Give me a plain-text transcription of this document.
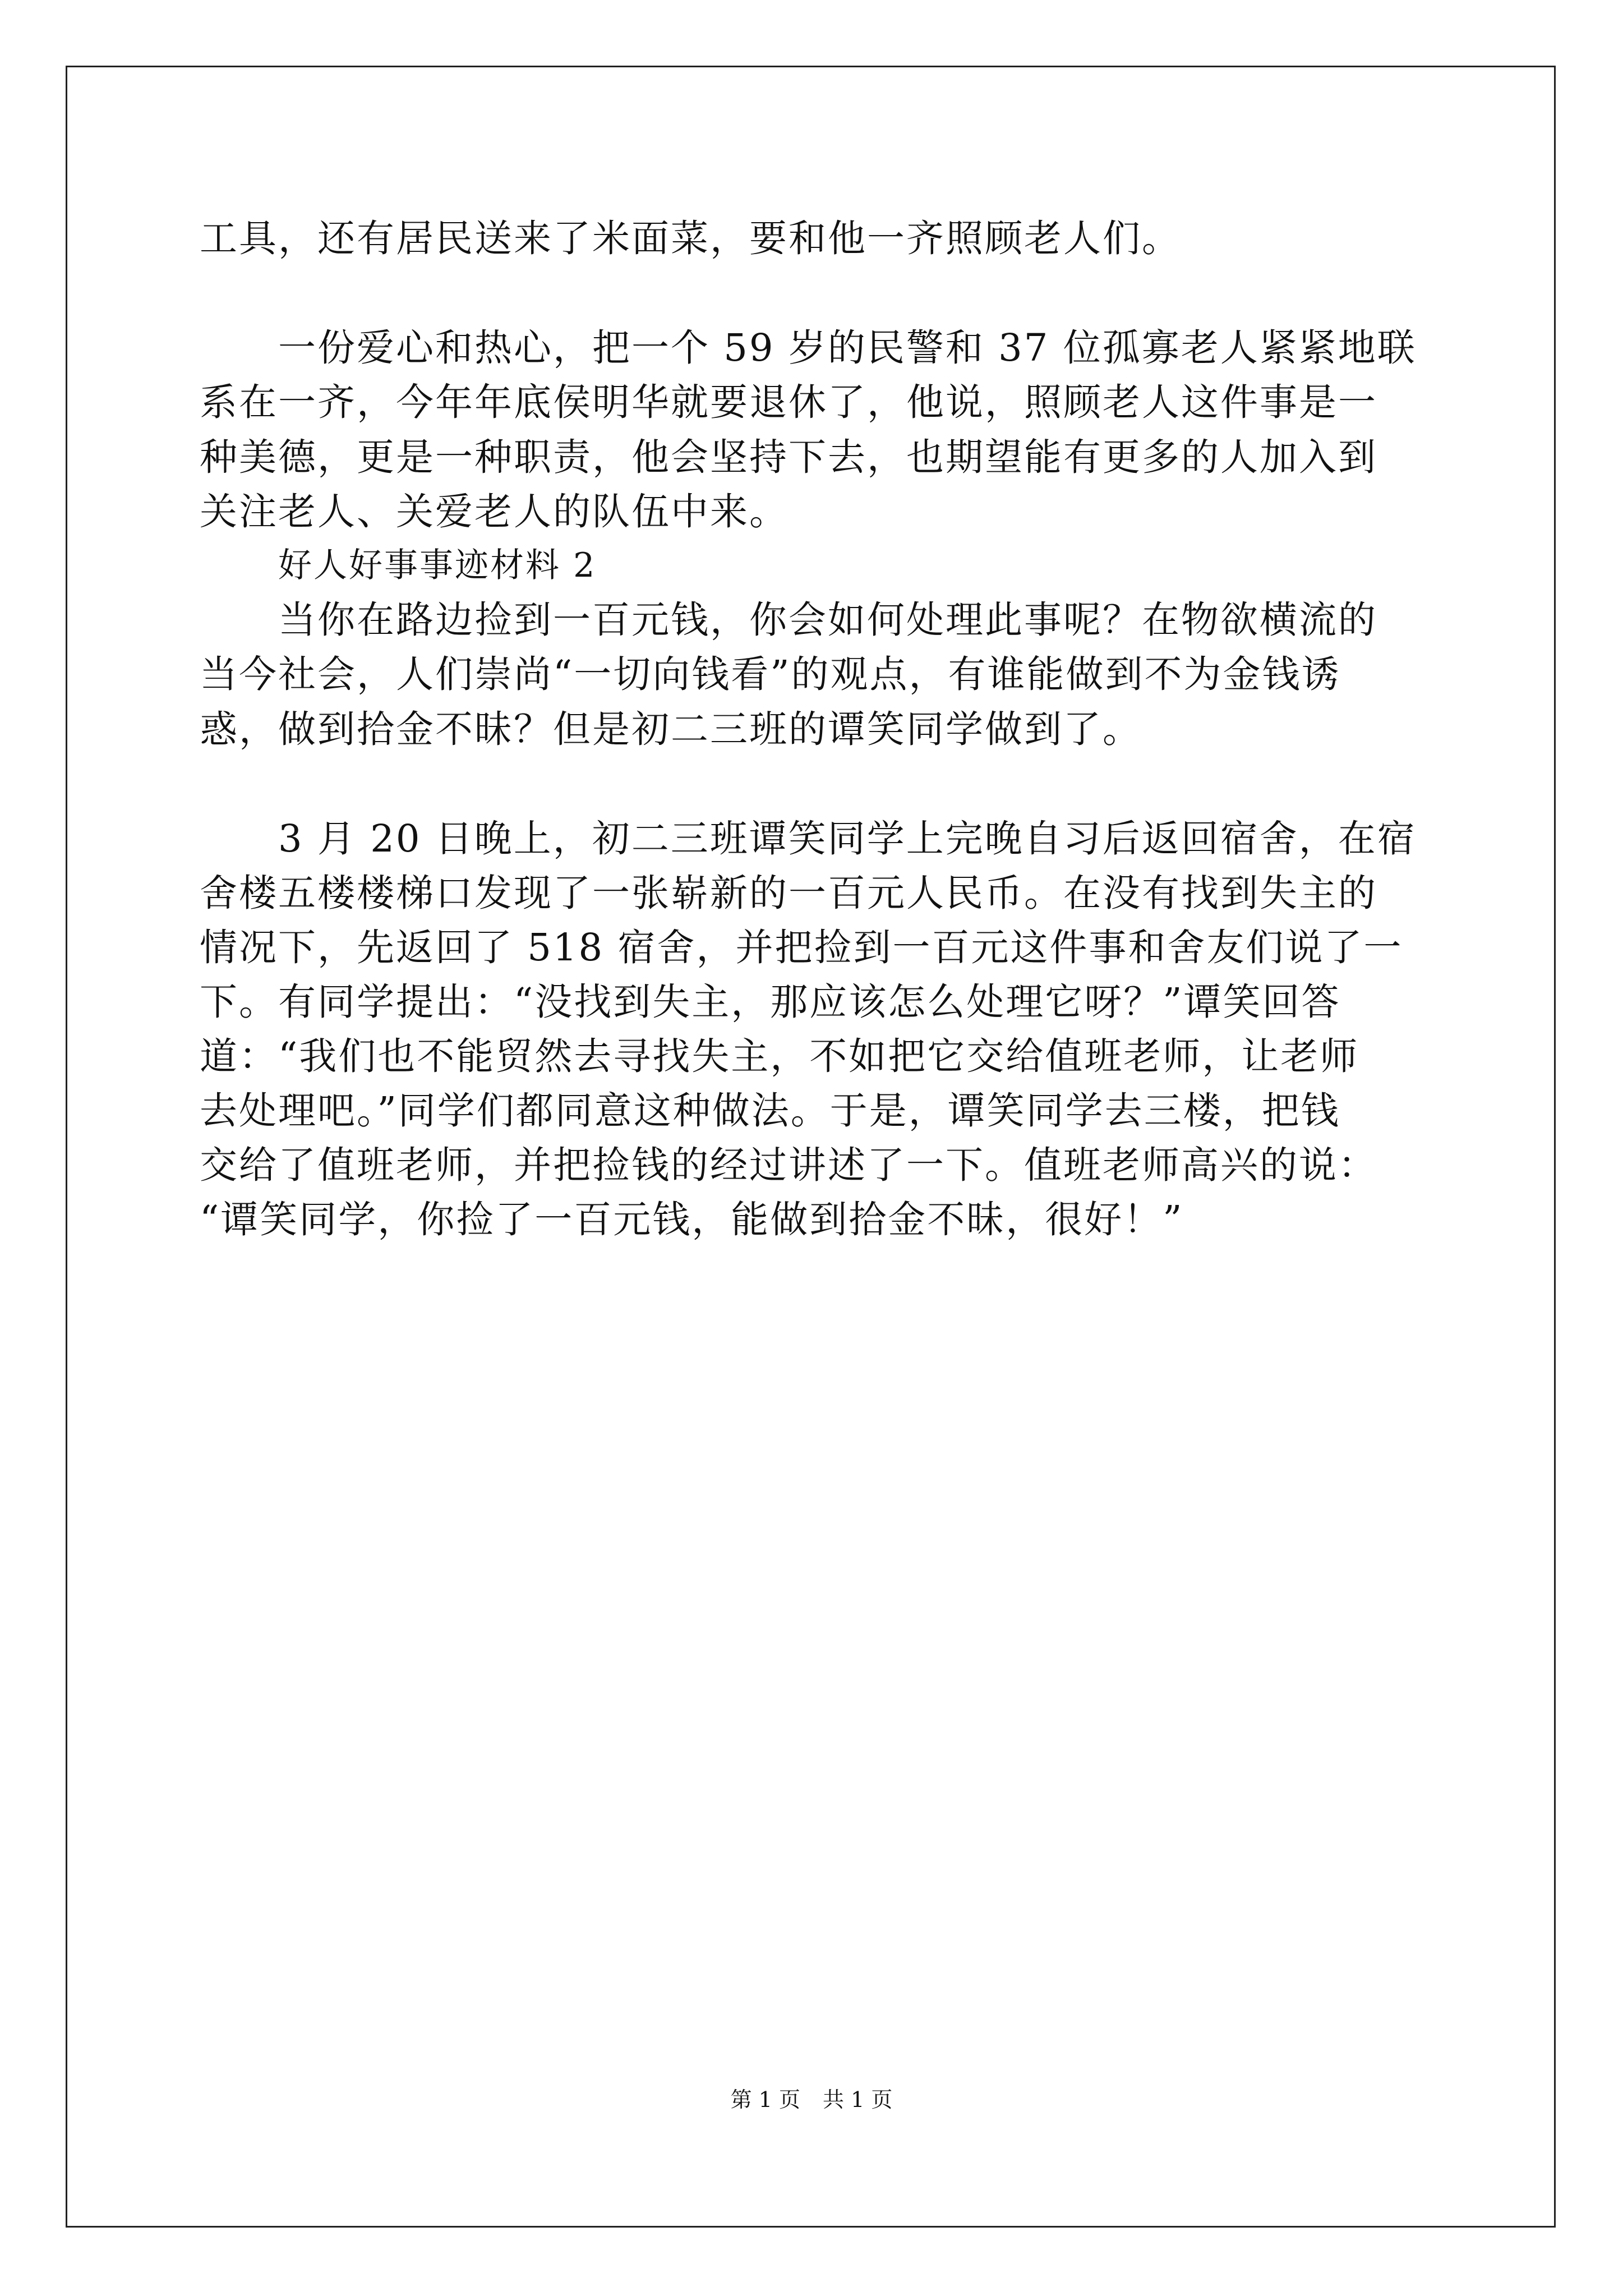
工具，还有居民送来了米面菜，要和他一齐照顾老人们。
一份爱心和热心，把一个 59 岁的民警和 37 位孤寡老人紧紧地联
系在一齐，今年年底侯明华就要退休了，他说，照顾老人这件事是一
种美德，更是一种职责，他会坚持下去，也期望能有更多的人加入到
关注老人、关爱老人的队伍中来。
好人好事事迹材料 2
当你在路边捡到一百元钱，你会如何处理此事呢？在物欲横流的
当今社会，人们崇尚“一切向钱看”的观点，有谁能做到不为金钱诱
惑，做到拾金不昧？但是初二三班的谭笑同学做到了。
3 月 20 日晚上，初二三班谭笑同学上完晚自习后返回宿舍，在宿
舍楼五楼楼梯口发现了一张崭新的一百元人民币。在没有找到失主的
情况下，先返回了 518 宿舍，并把捡到一百元这件事和舍友们说了一
下。有同学提出：“没找到失主，那应该怎么处理它呀？”谭笑回答
道：“我们也不能贸然去寻找失主，不如把它交给值班老师，让老师
去处理吧。”同学们都同意这种做法。于是，谭笑同学去三楼，把钱
交给了值班老师，并把捡钱的经过讲述了一下。值班老师高兴的说：
“谭笑同学，你捡了一百元钱，能做到拾金不昧，很好！”
第 1 页 共 1 页
